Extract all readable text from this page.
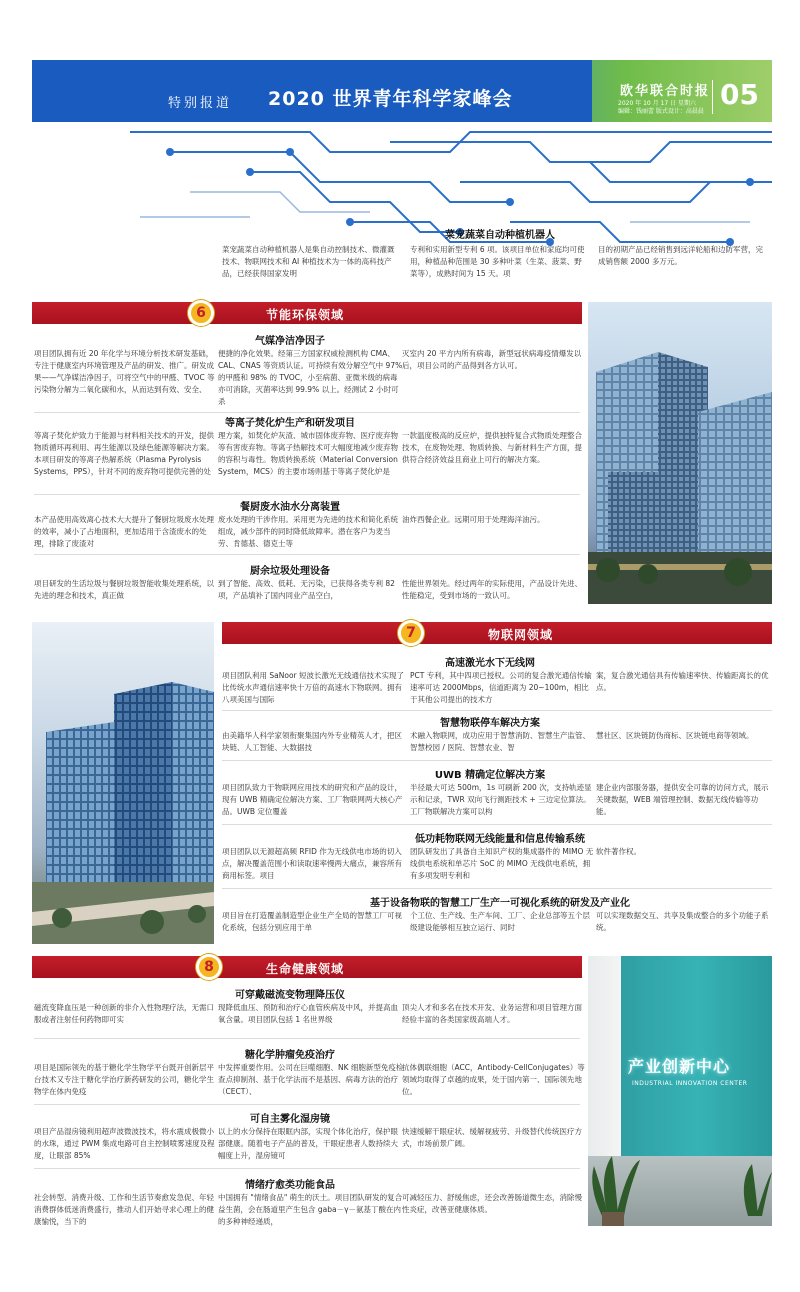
特别报道 2020 世界青年科学家峰会	欧华联合时报
2020 年 10 月 17 日 星期六
编辑：钱丽蕾 版式设计：高晨晨
05
菜宠蔬菜自动种植机器人
菜宠蔬菜自动种植机器人是集自动控制技术、微灌溉技术、物联网技术和 AI 种植技术为一体的高科技产品，已经获得国家发明
专利和实用新型专利 6 项。该项目单位和家庭均可使用，种植品种范围是 30 多种叶菜（生菜、菠菜、野菜等），成熟时间为 15 天。项
目的初期产品已经销售到远洋轮船和边防军营，完成销售额 2000 多万元。
6	节能环保领域
气媒净洁净因子
项目团队拥有近 20 年化学与环境分析技术研发基础，专注于健康室内环境管理及产品的研发、推广。研发成果——气净媒洁净因子，可将空气中的甲醛、TVOC 等污染物分解为二氧化碳和水，从而达到有效、安全、
便捷的净化效果。经第三方国家权威检测机构 CMA、CAL、CNAS 等资质认证。可持续有效分解空气中 97% 的甲醛和 98% 的 TVOC，小至病菌、亚微米级的病毒亦可消除，灭菌率达到 99.9% 以上。经测试 2 小时可杀
灭室内 20 平方内所有病毒，新型冠状病毒疫情爆发以后，项目公司的产品得到各方认可。
等离子焚化炉生产和研发项目
等离子焚化炉致力于能源与材料相关技术的开发，提供物质循环再利用、再生能源以及绿色能源等解决方案。本项目研发的等离子热解系统（Plasma Pyrolysis Systems，PPS），针对不同的废弃物可提供完善的处
理方案，如焚化炉灰渣、城市固体废弃物、医疗废弃物等有害废弃物。等离子热解技术可大幅度地减少废弃物的容积与毒性。物质转换系统（Material Conversion System，MCS）的主要市场则基于等离子焚化炉是
一款温度极高的反应炉，提供独特复合式物质处理整合技术，在废物处理、物质转换、与新材料生产方面，提供符合经济效益且商业上可行的解决方案。
餐厨废水油水分离装置
本产品使用高效离心技术大大提升了餐厨垃圾废水处理的效率，减小了占地面积，更加适用于含渣废水的处理，排除了废渣对
废水处理的干涉作用。采用更为先进的技术和简化系统组成，减少部件的同时降低故障率。潜在客户为麦当劳、肯德基、德克士等
油炸西餐企业。远期可用于处理海洋油污。
厨余垃圾处理设备
项目研发的生活垃圾与餐厨垃圾智能收集处理系统，以先进的理念和技术，真正做
到了智能、高效、低耗、无污染，已获得各类专利 82 项，产品填补了国内同业产品空白，
性能世界领先。经过两年的实际使用，产品设计先进、性能稳定，受到市场的一致认可。
7	物联网领域
高速激光水下无线网
项目团队利用 SaNoor 短波长激光无线通信技术实现了比传统水声通信速率快十万倍的高速水下物联网。拥有八项美国与国际
PCT 专利，其中四项已授权。公司的复合激光通信传输速率可达 2000Mbps，信道距离为 20~100m，相比于其他公司提出的技术方
案，复合激光通信具有传输速率快、传输距离长的优点。
智慧物联停车解决方案
由美籍华人科学家领衔聚集国内外专业精英人才，把区块链、人工智能、大数据技
术融入物联网，成功应用于智慧消防、智慧生产监管、智慧校园 / 医院、智慧农业、智
慧社区、区块链防伪商标、区块链电商等领域。
UWB 精确定位解决方案
项目团队致力于物联网应用技术的研究和产品的设计，现有 UWB 精确定位解决方案、工厂物联网两大核心产品。UWB 定位覆盖
半径最大可达 500m，1s 可刷新 200 次，支持轨迹显示和记录，TWR 双向飞行测距技术 + 三边定位算法。工厂物联解决方案可以构
建企业内部服务器，提供安全可靠的访问方式，展示关键数据，WEB 端管理控制、数据无线传输等功能。
低功耗物联网无线能量和信息传输系统
项目团队以无源超高频 RFID 作为无线供电市场的切入点，解决覆盖范围小和读取速率慢两大痛点，兼容所有商用标签。项目
团队研发出了具备自主知识产权的集成器件的 MIMO 无线供电系统和单芯片 SoC 的 MIMO 无线供电系统，拥有多项发明专利和
软件著作权。
基于设备物联的智慧工厂生产一可视化系统的研发及产业化
项目旨在打造覆盖制造型企业生产全局的智慧工厂可视化系统，包括分别应用于单
个工位、生产线、生产车间、工厂、企业总部等五个层级建设能够相互独立运行、同时
可以实现数据交互、共享及集成整合的多个功能子系统。
8	生命健康领域
可穿戴磁流变物理降压仪
磁流变降血压是一种创新的非介入性物理疗法，无需口服或者注射任何药物即可实
现降低血压、预防和治疗心血管疾病及中风，并提高血氧含量。项目团队包括 1 名世界级
顶尖人才和多名在技术开发、业务运营和项目管理方面经验丰富的各类国家级高端人才。
糖化学肿瘤免疫治疗
项目是国际领先的基于糖化学生物学平台既开创新层平台技术又专注于糖化学治疗新药研发的公司，糖化学生物学在体内免疫
中发挥重要作用。公司在巨噬细胞、NK 细胞新型免疫检查点抑制剂、基于化学法而不是基因、病毒方法的治疗（CECT）、
抗体偶联细胞（ACC，Antibody-CellConjugates）等领域均取得了卓越的成果，处于国内第一、国际领先地位。
可自主雾化湿房镜
项目产品湿房镜利用超声波微波技术，将水震成极微小的水珠，通过 PWM 集成电路可自主控制喷雾速度及程度，让眼部 85%
以上的水分保持在眼眶内部，实现个体化治疗，保护眼部健康。随着电子产品的普及，干眼症患者人数持续大幅度上升，湿房镜可
快速缓解干眼症状、缓解视疲劳、升级替代传统医疗方式，市场前景广阔。
情绪疗愈类功能食品
社会转型、消费升级、工作和生活节奏愈发急促、年轻消费群体低迷消费盛行，推动人们开始寻求心理上的健康愉悦，当下的
中国拥有 "情绪食品" 萌生的沃土。项目团队研发的复合益生菌，会在肠道里产生包含 gaba－γ－氨基丁酸在内的多种神经递质，
可减轻压力、舒缓焦虑，还会改善肠道微生态，消除慢性炎症，改善亚健康体质。
产业创新中心
INDUSTRIAL INNOVATION CENTER
